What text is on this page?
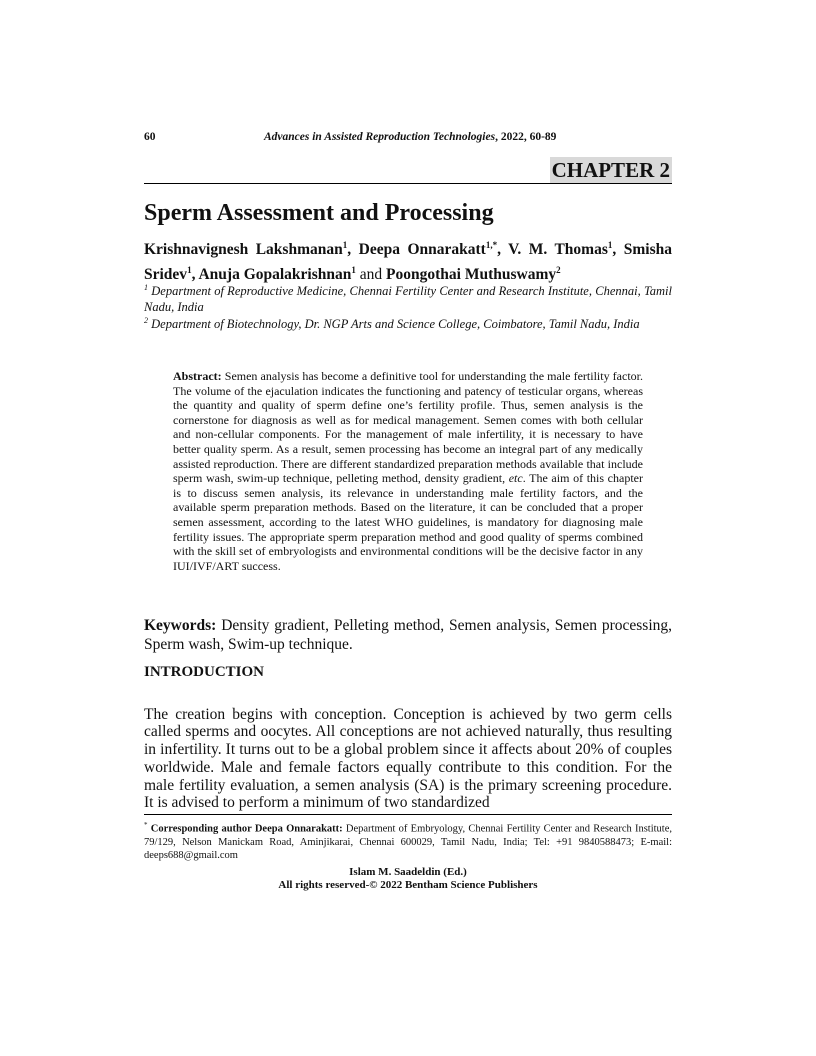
60	Advances in Assisted Reproduction Technologies, 2022, 60-89
CHAPTER 2
Sperm Assessment and Processing
Krishnavignesh Lakshmanan$^1$, Deepa Onnarakatt$^{1,*}$, V. M. Thomas$^1$, Smisha Sridev$^1$, Anuja Gopalakrishnan$^1$ and Poongothai Muthuswamy$^2$
$^1$ Department of Reproductive Medicine, Chennai Fertility Center and Research Institute, Chennai, Tamil Nadu, India
$^2$ Department of Biotechnology, Dr. NGP Arts and Science College, Coimbatore, Tamil Nadu, India
Abstract: Semen analysis has become a definitive tool for understanding the male fertility factor. The volume of the ejaculation indicates the functioning and patency of testicular organs, whereas the quantity and quality of sperm define one’s fertility profile. Thus, semen analysis is the cornerstone for diagnosis as well as for medical management. Semen comes with both cellular and non-cellular components. For the management of male infertility, it is necessary to have better quality sperm. As a result, semen processing has become an integral part of any medically assisted reproduction. There are different standardized preparation methods available that include sperm wash, swim-up technique, pelleting method, density gradient, etc. The aim of this chapter is to discuss semen analysis, its relevance in understanding male fertility factors, and the available sperm preparation methods. Based on the literature, it can be concluded that a proper semen assessment, according to the latest WHO guidelines, is mandatory for diagnosing male fertility issues. The appropriate sperm preparation method and good quality of sperms combined with the skill set of embryologists and environmental conditions will be the decisive factor in any IUI/IVF/ART success.
Keywords: Density gradient, Pelleting method, Semen analysis, Semen processing, Sperm wash, Swim-up technique.
INTRODUCTION

The creation begins with conception. Conception is achieved by two germ cells called sperms and oocytes. All conceptions are not achieved naturally, thus resulting in infertility. It turns out to be a global problem since it affects about 20% of couples worldwide. Male and female factors equally contribute to this condition. For the male fertility evaluation, a semen analysis (SA) is the primary screening procedure. It is advised to perform a minimum of two standardized

* Corresponding author Deepa Onnarakatt: Department of Embryology, Chennai Fertility Center and Research Institute, 79/129, Nelson Manickam Road, Aminjikarai, Chennai 600029, Tamil Nadu, India; Tel: +91 9840588473; E-mail: deeps688@gmail.com
Islam M. Saadeldin (Ed.)
All rights reserved-© 2022 Bentham Science Publishers
